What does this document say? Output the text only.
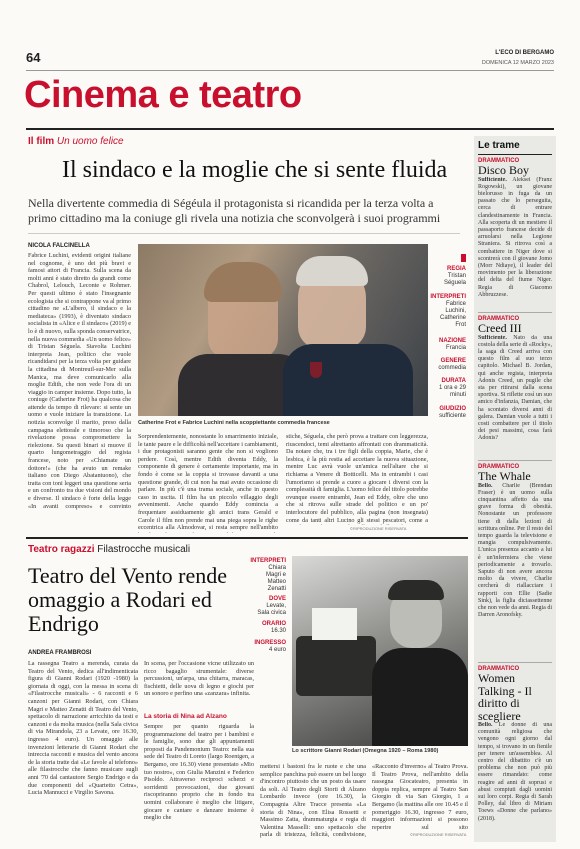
64	L'ECO DI BERGAMO
DOMENICA 12 MARZO 2023
Cinema e teatro
Il film Un uomo felice
Il sindaco e la moglie che si sente fluida
Nella divertente commedia di Ségéula il protagonista si ricandida per la terza volta a primo cittadino ma la coniuge gli rivela una notizia che sconvolgerà i suoi programmi
NICOLA FALCINELLA
Fabrice Luchini, evidenti origini italiane nel cognome, è uno dei più bravi e famosi attori di Francia. Sulla scena da molti anni è stato diretto da grandi come Chabrol, Lelouch, Leconte e Rohmer. Per questi ultimo è stato l'insegnante ecologista che si contrappone va al primo cittadino ne «L'albero, il sindaco e la mediateca» (1993), è diventato sindaco socialista in «Alice e il sindaco» (2019) e lo è di nuovo, sulla sponda conservatrice, nella nuova commedia «Un uomo felice» di Tristan Séguela. Stavolta Luchini interpreta Jean, politico che vuole ricandidarsi per la terza volta per guidare la cittadina di Montreuil-sur-Mer sulla Manica, ma deve comunicarlo alla moglie Edith, che non vede l'ora di un viaggio in camper insieme. Dopo tutto, la coniuge (Catherine Frot) ha qualcosa che attende da tempo di rilevare: si sente un uomo e vuole iniziare la transizione. La notizia sconvolge il marito, preso dalla campagna elettorale e timoroso che la rivelazione possa compromettere la rielezione. Su questi binari si muove il quarto lungometraggio del regista francese, noto per «Chiamate un dottore!» (che ha avuto un remake italiano con Diego Abatantuono), che tratta con toni leggeri una questione seria e un confronto tra due visioni del mondo e diverse. Il sindaco è forte della legge «In avanti compreso» e convinto
Catherine Frot e Fabrice Luchini nella scoppiettante commedia francese
Sorprendentemente, nonostante lo smarrimento iniziale, le tante paure e le difficoltà nell'accettare i cambiamenti, i due protagonisti saranno gente che non si vogliono perdere. Così, mentre Edith diventa Eddy, la componente di genere è certamente importante, ma in fondo è come se la coppia si trovasse davanti a una questione grande, di cui non ha mai avuto occasione di parlare. In più c'è una trama sociale, anche in questo caso in uscita. Il film ha un piccolo villaggio degli avvenimenti. Anche quando Eddy comincia a frequentare assiduamente gli amici trans Gerald e Carole il film non prende mai una piega sopra le righe eccentrica alla Almodovar, si resta sempre nell'ambito
stiche, Séguela, che però prova a trattare con leggerezza, riuscendoci, temi altrettanto affrontati con drammaticità. Da notare che, tra i tre figli della coppia, Marie, che è lesbica, è la più restia ad accettare la nuova situazione, mentre Luc avrà vuole un'amica nell'altare che si richiama a Venere di Botticelli. Ma in entrambi i casi l'umorismo si prende a cuore a giocare i diversi con la complessità di famiglia. L'uomo felice del titolo potrebbe ovunque essere entrambi, Jean ed Eddy, oltre che uno che si ritrova sulle strade del politico e un po' interlocutore del pubblico, alla pagina (non insegnata) come da tanti altri Lucino gli stessi pescatori, come a
©RIPRODUZIONE RISERVATA
REGIA
Tristan Séguela
INTERPRETI
Fabrice Luchini, Catherine Frot
NAZIONE
Francia
GENERE
commedia
DURATA
1 ora e 29 minuti
GIUDIZIO
sufficiente
Teatro ragazzi Filastrocche musicali
Teatro del Vento rende omaggio a Rodari ed Endrigo
ANDREA FRAMBROSI
La rassegna Teatro a merenda, curata da Teatro del Vento, dedica all'indimenticata figura di Gianni Rodari (1920 -1980) la giornata di oggi, con la messa in scena di «Filastrocche musicali» - 6 racconti e 6 canzoni per Gianni Rodari, con Chiara Magri e Matteo Zenatti di Teatro del Vento, spettacolo di narrazione arricchito da testi e canzoni e da molta musica (nella Sala civica di via Mirandola, 23 a Levate, ore 16.30, ingresso 4 euro). Un omaggio alle invenzioni letterarie di Gianni Rodari che intreccia racconti e musica del vento ancora de la storia tratte dai «Le favole al telefono» alle filastrocche che fanno musicare sugli anni '70 dal cantautore Sergio Endrigo e da due componenti del «Quartetto Cetra», Lucia Mannucci e Virgilio Savona.
In scena, per l'occasione vicne utilizzato un ricco bagaglio strumentale: diverse percussioni, un'arpa, una chitarra, maracas, fischietti, delle uova di legno e giochi per un sonoro e perfino una «zanzara» infinita.
La storia di Nina ad Alzano
Sempre per quanto riguarda la programmazione del teatro per i bambini e le famiglie, sono due gli appuntamenti proposti da Pandemonium Teatro: nella sua sede del Teatro di Loreto (largo Roentgen, a Bergamo, ore 16.30) viene presentato «Mio tuo nostro», con Giulia Manzini e Federico Pisoldo. Attraverso reciproci scherzi e sorridenti provocazioni, due giovani riscopriranno proprio che in fondo tra uomini collaborare è meglio che litigare, giocare e cantare e danzare insieme è meglio che
mettersi i bastoni fra le ruote e che una semplice panchina può essere un bel luogo d'incontro piuttosto che un posto da usare da soli. Al Teatro degli Storti di Alzano Lombardo invece (ore 16.30), la Compagnia Altre Tracce presenta «La storia di Nina», con Elisa Rossetti e Massimo Zatta, drammaturgia e regia di Valentina Masselli: uno spettacolo che parla di tristezza, felicità, condivisione,
«Racconto d'inverno» al Teatro Prova. Il Teatro Prova, nell'ambito della rassegna Giocateatro, presenta in doppia replica, sempre al Teatro San Giorgio di via San Giorgio, 1 a Bergamo (la mattina alle ore 10.45 e il pomeriggio 16.30, ingresso 7 euro, maggiori informazioni si possono reperire sul sito
©RIPRODUZIONE RISERVATA
INTERPRETI
Chiara Magri e Matteo Zenatti
DOVE
Levate, Sala civica
ORARIO
16.30
INGRESSO
4 euro
Lo scrittore Gianni Rodari (Omegna 1920 – Roma 1980)
Le trame
DRAMMATICO
Disco Boy
Sufficiente. Aleksei (Franz Rogowski), un giovane bielorusso in fuga da un passato che lo perseguita, cerca di entrare clandestinamente in Francia. Alla scoperta di un mestiere il passaporto francese decide di arruolarsi nella Legione Straniera. Si ritrova così a combattere in Niger dove si scontrerà con il giovane Jomo (Morr Ndiaye), il leader del movimento per la liberazione del delta del fiume Niger. Regia di Giacomo Abbruzzese.
DRAMMATICO
Creed III
Sufficiente. Nato da una costola della serie di «Rocky», la saga di Creed arriva con questo film al suo terzo capitolo. Michael B. Jordan, qui anche regista, interpreta Adonis Creed, un pugile che sta per ritirarsi dalla scena sportiva. Si riflette così un suo amico d'infanzia, Damian, che ha scontato diversi anni di galera. Damian vuole a tutti i costi combattere per il titolo dei pesi massimi, cosa farà Adonis?
DRAMMATICO
The Whale
Bello. Charlie (Brendan Fraser) è un uomo sulla cinquantina affetto da una grave forma di obesità. Nonostante un professore tiene di dalla lezioni di scrittura online. Per il resto del tempo guarda la televisione e mangia compulsivamente. L'unica presenza accanto a lui è un'infermiera che viene periodicamente a trovarlo. Saputo di non avere ancora molto da vivere, Charlie cercherà di riallacciare i rapporti con Ellie (Sadie Sink), la figlia diciassettenne che non vede da anni. Regia di Darren Aronofsky.
DRAMMATICO
Women Talking - Il diritto di scegliere
Bello. Le donne di una comunità religiosa che vengono ogni giorno dal tempo, si trovano in un fienile per tenere un'assemblea. Al centro del dibattito c'è un problema che non può più essere rimandato: come reagire ad anni di soprusi e abusi compiuti dagli uomini sui loro corpi. Regia di Sarah Polley, dal libro di Miriam Toews «Donne che parlano» (2018).
